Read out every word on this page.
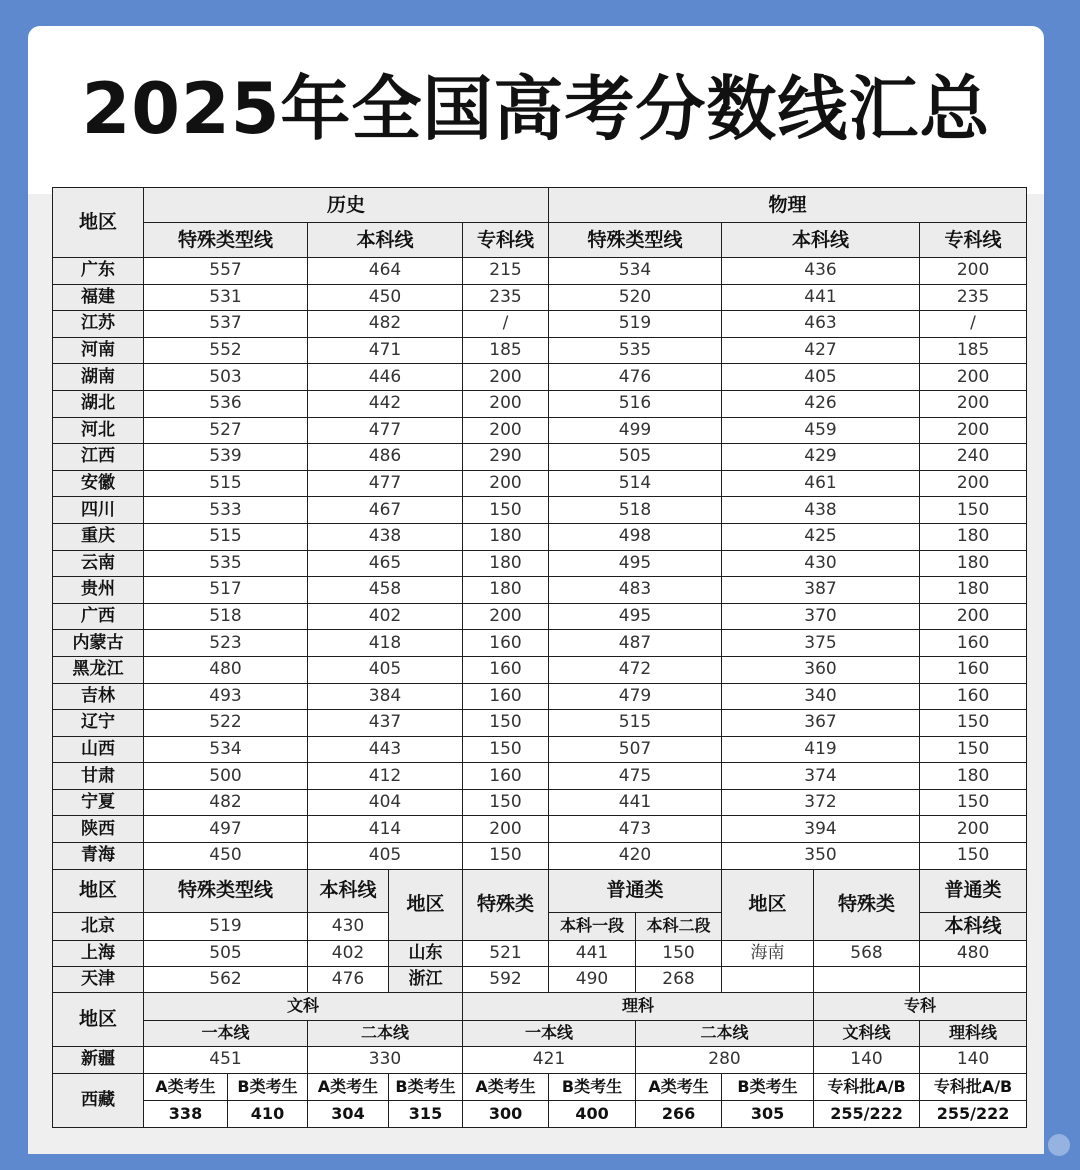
2025年全国高考分数线汇总
地区	历史					物理				
	特殊类型线		本科线		专科线	特殊类型线		本科线		专科线
广东	557		464		215	534		436		200
福建	531		450		235	520		441		235
江苏	537		482		/	519		463		/
河南	552		471		185	535		427		185
湖南	503		446		200	476		405		200
湖北	536		442		200	516		426		200
河北	527		477		200	499		459		200
江西	539		486		290	505		429		240
安徽	515		477		200	514		461		200
四川	533		467		150	518		438		150
重庆	515		438		180	498		425		180
云南	535		465		180	495		430		180
贵州	517		458		180	483		387		180
广西	518		402		200	495		370		200
内蒙古	523		418		160	487		375		160
黑龙江	480		405		160	472		360		160
吉林	493		384		160	479		340		160
辽宁	522		437		150	515		367		150
山西	534		443		150	507		419		150
甘肃	500		412		160	475		374		180
宁夏	482		404		150	441		372		150
陕西	497		414		200	473		394		200
青海	450		405		150	420		350		150
地区	特殊类型线		本科线	地区	特殊类	普通类		地区	特殊类	普通类
北京	519		430			本科一段	本科二段			本科线
上海	505		402	山东	521	441	150	海南	568	480
天津	562		476	浙江	592	490	268			
地区	文科				理科				专科	
	一本线		二本线		一本线		二本线		文科线	理科线
新疆	451		330		421		280		140	140
西藏	A类考生	B类考生	A类考生	B类考生	A类考生	B类考生	A类考生	B类考生	专科批A/B	专科批A/B
	338	410	304	315	300	400	266	305	255/222	255/222
